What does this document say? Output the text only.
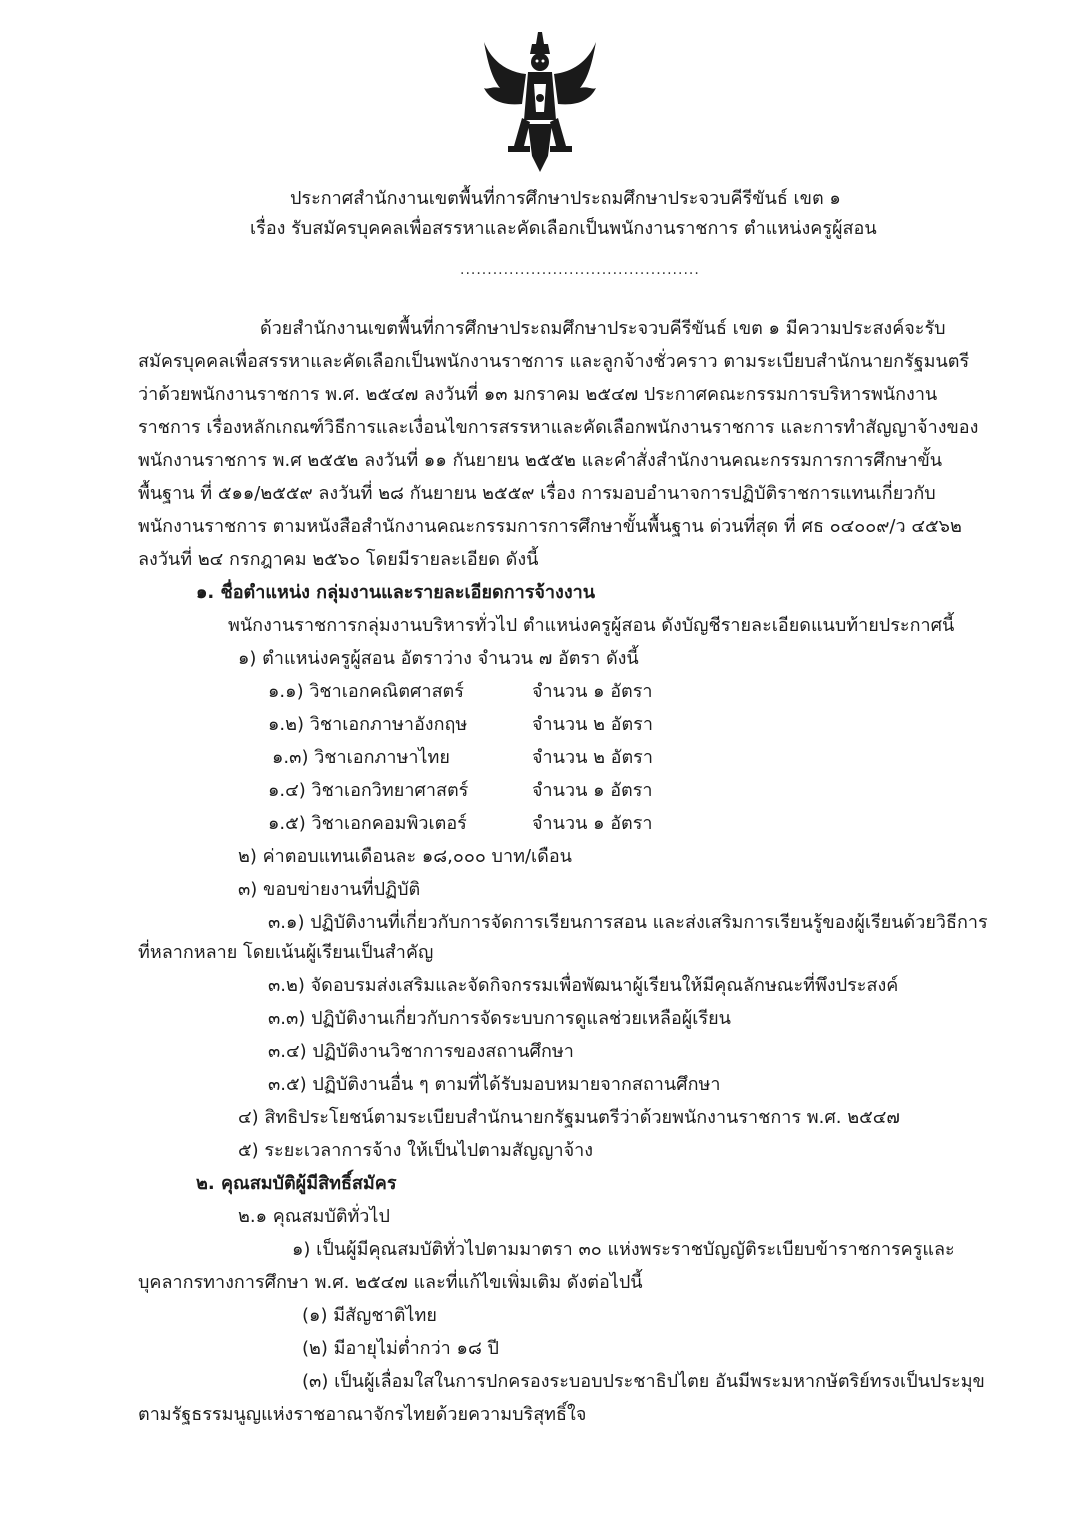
ประกาศสำนักงานเขตพื้นที่การศึกษาประถมศึกษาประจวบคีรีขันธ์ เขต ๑
เรื่อง รับสมัครบุคคลเพื่อสรรหาและคัดเลือกเป็นพนักงานราชการ ตำแหน่งครูผู้สอน
............................................
ด้วยสำนักงานเขตพื้นที่การศึกษาประถมศึกษาประจวบคีรีขันธ์ เขต ๑ มีความประสงค์จะรับ
สมัครบุคคลเพื่อสรรหาและคัดเลือกเป็นพนักงานราชการ และลูกจ้างชั่วคราว ตามระเบียบสำนักนายกรัฐมนตรี
ว่าด้วยพนักงานราชการ พ.ศ. ๒๕๔๗ ลงวันที่ ๑๓ มกราคม ๒๕๔๗ ประกาศคณะกรรมการบริหารพนักงาน
ราชการ เรื่องหลักเกณฑ์วิธีการและเงื่อนไขการสรรหาและคัดเลือกพนักงานราชการ และการทำสัญญาจ้างของ
พนักงานราชการ พ.ศ ๒๕๕๒ ลงวันที่ ๑๑ กันยายน ๒๕๕๒ และคำสั่งสำนักงานคณะกรรมการการศึกษาขั้น
พื้นฐาน ที่ ๕๑๑/๒๕๕๙ ลงวันที่ ๒๘ กันยายน ๒๕๕๙ เรื่อง การมอบอำนาจการปฏิบัติราชการแทนเกี่ยวกับ
พนักงานราชการ ตามหนังสือสำนักงานคณะกรรมการการศึกษาขั้นพื้นฐาน ด่วนที่สุด ที่ ศธ ๐๔๐๐๙/ว ๔๕๖๒
ลงวันที่ ๒๔ กรกฎาคม ๒๕๖๐ โดยมีรายละเอียด ดังนี้
๑. ชื่อตำแหน่ง กลุ่มงานและรายละเอียดการจ้างงาน
พนักงานราชการกลุ่มงานบริหารทั่วไป ตำแหน่งครูผู้สอน ดังบัญชีรายละเอียดแนบท้ายประกาศนี้
๑) ตำแหน่งครูผู้สอน อัตราว่าง จำนวน ๗ อัตรา ดังนี้
๑.๑) วิชาเอกคณิตศาสตร์	จำนวน ๑ อัตรา
๑.๒) วิชาเอกภาษาอังกฤษ	จำนวน ๒ อัตรา
๑.๓) วิชาเอกภาษาไทย	จำนวน ๒ อัตรา
๑.๔) วิชาเอกวิทยาศาสตร์	จำนวน ๑ อัตรา
๑.๕) วิชาเอกคอมพิวเตอร์	จำนวน ๑ อัตรา
๒) ค่าตอบแทนเดือนละ ๑๘,๐๐๐ บาท/เดือน
๓) ขอบข่ายงานที่ปฏิบัติ
๓.๑) ปฏิบัติงานที่เกี่ยวกับการจัดการเรียนการสอน และส่งเสริมการเรียนรู้ของผู้เรียนด้วยวิธีการ
ที่หลากหลาย โดยเน้นผู้เรียนเป็นสำคัญ
๓.๒) จัดอบรมส่งเสริมและจัดกิจกรรมเพื่อพัฒนาผู้เรียนให้มีคุณลักษณะที่พึงประสงค์
๓.๓) ปฏิบัติงานเกี่ยวกับการจัดระบบการดูแลช่วยเหลือผู้เรียน
๓.๔) ปฏิบัติงานวิชาการของสถานศึกษา
๓.๕) ปฏิบัติงานอื่น ๆ ตามที่ได้รับมอบหมายจากสถานศึกษา
๔) สิทธิประโยชน์ตามระเบียบสำนักนายกรัฐมนตรีว่าด้วยพนักงานราชการ พ.ศ. ๒๕๔๗
๕) ระยะเวลาการจ้าง ให้เป็นไปตามสัญญาจ้าง
๒. คุณสมบัติผู้มีสิทธิ์สมัคร
๒.๑ คุณสมบัติทั่วไป
๑) เป็นผู้มีคุณสมบัติทั่วไปตามมาตรา ๓๐ แห่งพระราชบัญญัติระเบียบข้าราชการครูและ
บุคลากรทางการศึกษา พ.ศ. ๒๕๔๗ และที่แก้ไขเพิ่มเติม ดังต่อไปนี้
(๑) มีสัญชาติไทย
(๒) มีอายุไม่ต่ำกว่า ๑๘ ปี
(๓) เป็นผู้เลื่อมใสในการปกครองระบอบประชาธิปไตย อันมีพระมหากษัตริย์ทรงเป็นประมุข
ตามรัฐธรรมนูญแห่งราชอาณาจักรไทยด้วยความบริสุทธิ์ใจ
